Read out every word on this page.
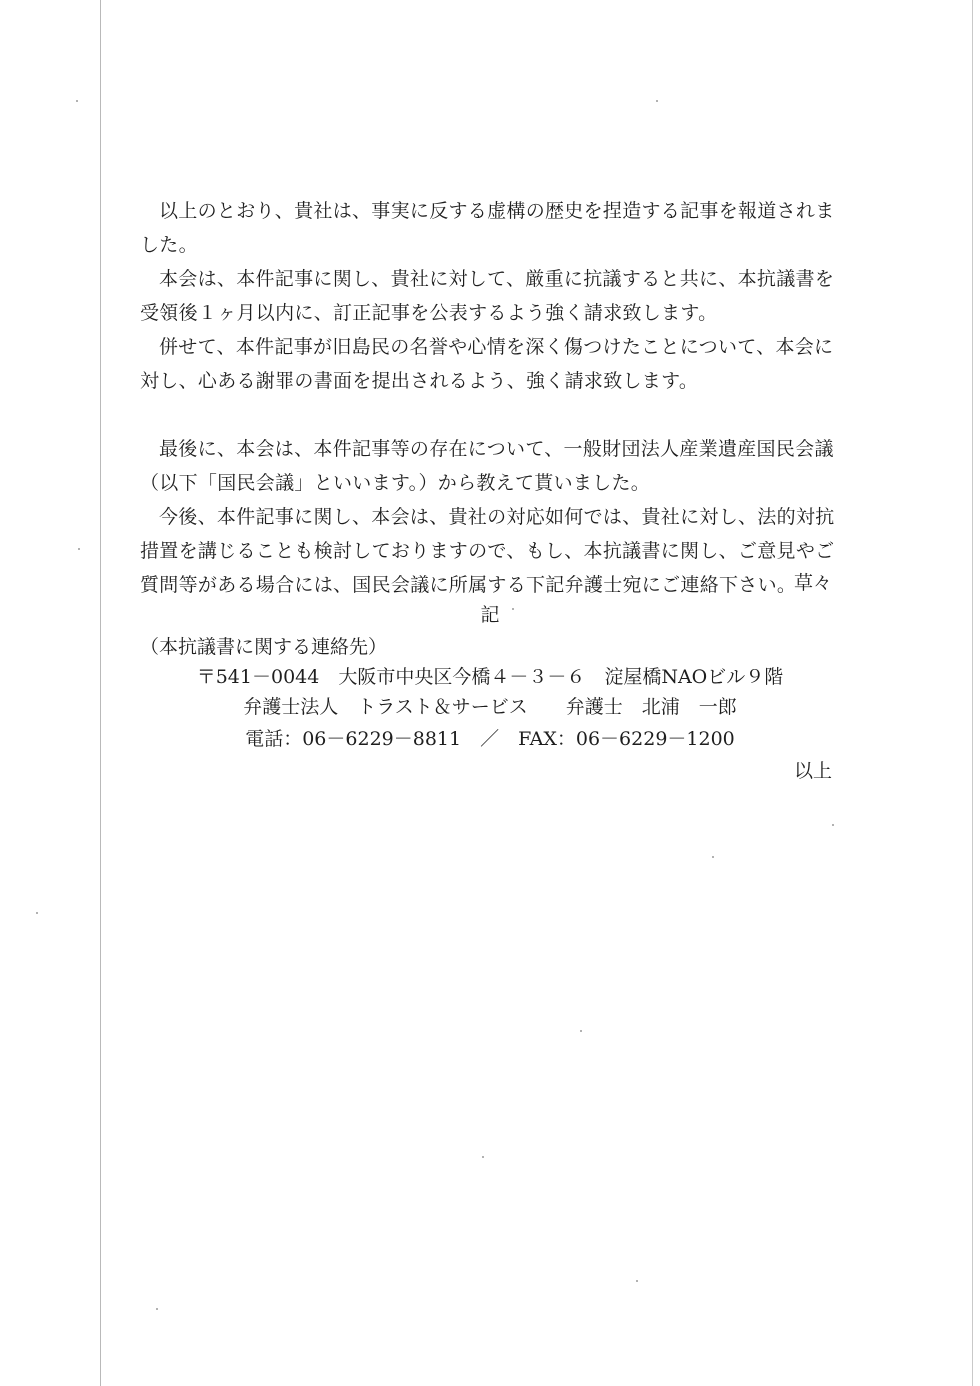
以上のとおり、貴社は、事実に反する虚構の歴史を捏造する記事を報道されました。

本会は、本件記事に関し、貴社に対して、厳重に抗議すると共に、本抗議書を受領後１ヶ月以内に、訂正記事を公表するよう強く請求致します。

併せて、本件記事が旧島民の名誉や心情を深く傷つけたことについて、本会に対し、心ある謝罪の書面を提出されるよう、強く請求致します。

最後に、本会は、本件記事等の存在について、一般財団法人産業遺産国民会議（以下「国民会議」といいます。）から教えて貰いました。

今後、本件記事に関し、本会は、貴社の対応如何では、貴社に対し、法的対抗措置を講じることも検討しておりますので、もし、本抗議書に関し、ご意見やご質問等がある場合には、国民会議に所属する下記弁護士宛にご連絡下さい。

草々
記
（本抗議書に関する連絡先）
〒541－0044　大阪市中央区今橋４－３－６　淀屋橋NAOビル９階
弁護士法人　トラスト＆サービス　　弁護士　北浦　一郎
電話：06－6229－8811　／　FAX：06－6229－1200
以上
